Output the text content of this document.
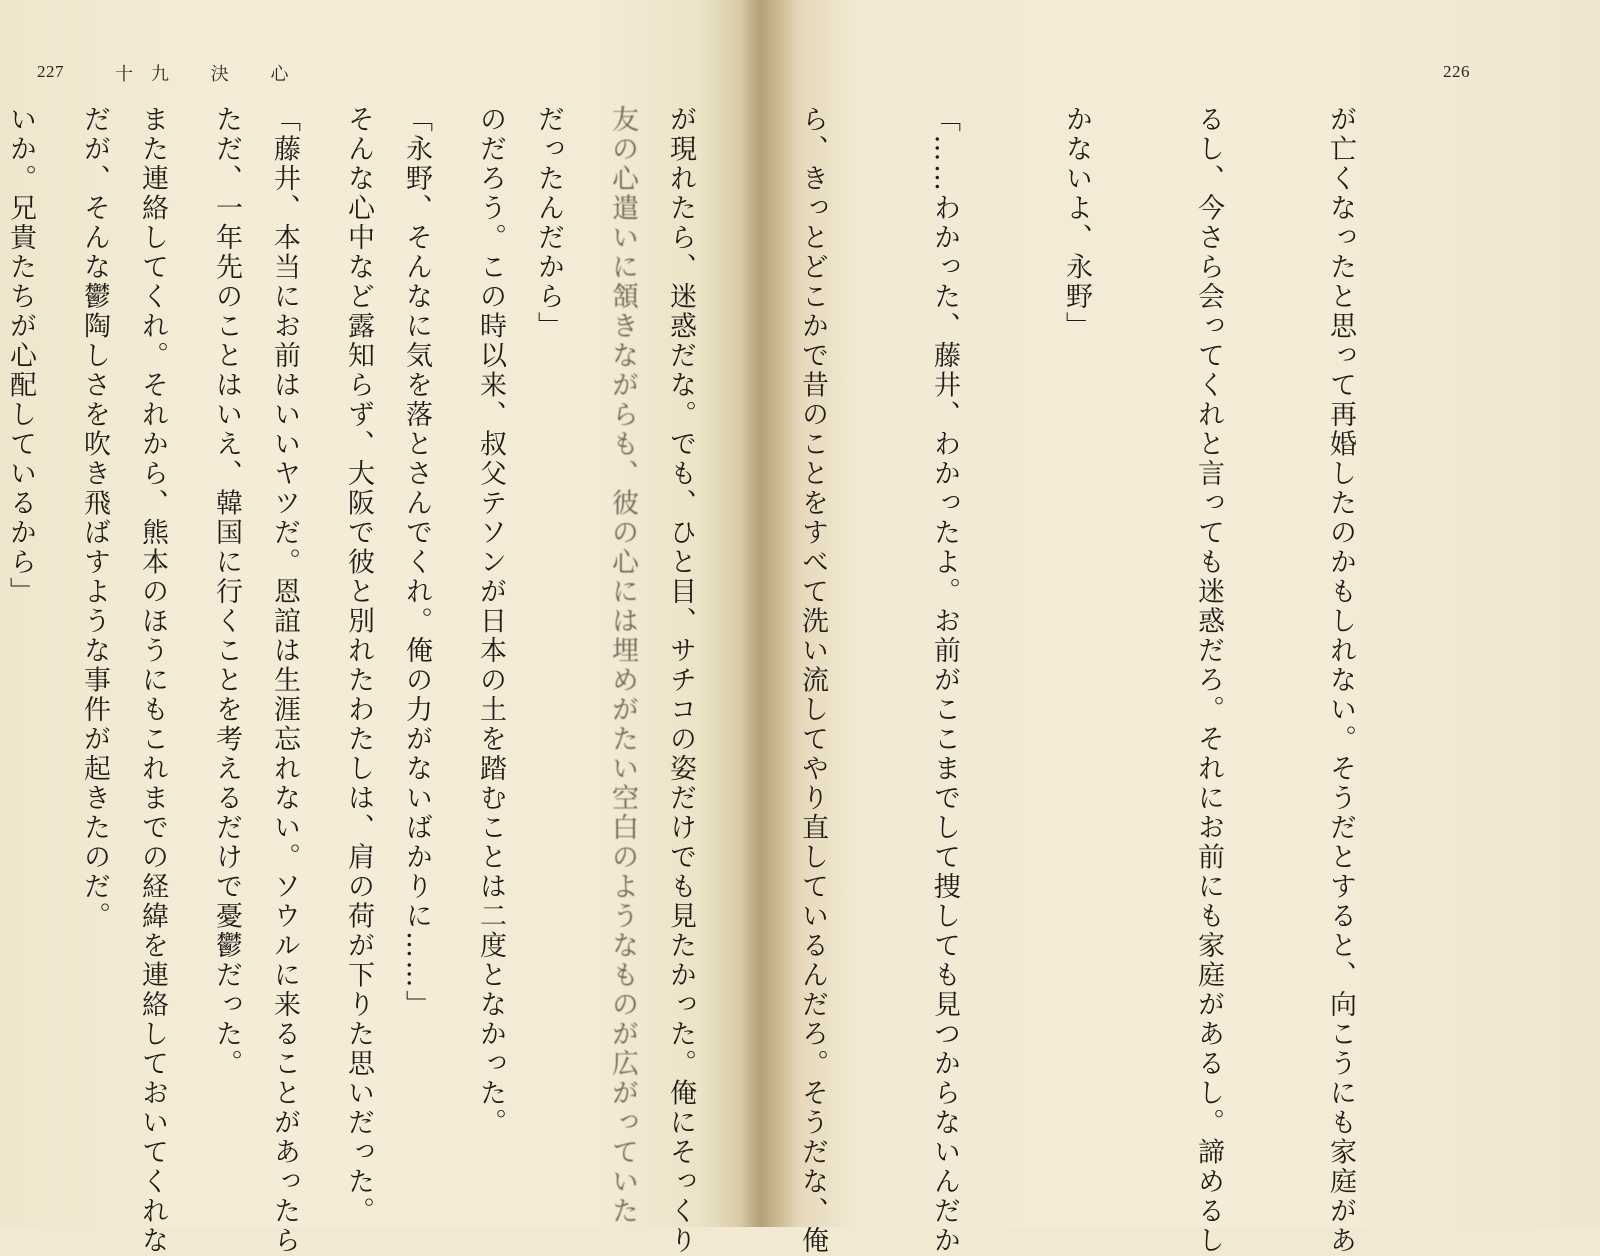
227	十九 決 心

友の心遣いに頷きながらも、彼の心には埋めがたい空白のようなものが広がっていた

のだろう。この時以来、叔父テソンが日本の土を踏むことは二度となかった。

そんな心中など露知らず、大阪で彼と別れたわたしは、肩の荷が下りた思いだった。

ただ、一年先のことはいえ、韓国に行くことを考えるだけで憂鬱だった。

だが、そんな鬱陶しさを吹き飛ばすような事件が起きたのだ。

226

が亡くなったと思って再婚したのかもしれない。そうだとすると、向こうにも家庭があ

るし、今さら会ってくれと言っても迷惑だろ。それにお前にも家庭があるし。諦めるし

かないよ、永野」

「……わかった、藤井、わかったよ。お前がここまでして捜しても見つからないんだか

ら、きっとどこかで昔のことをすべて洗い流してやり直しているんだろ。そうだな、俺

が現れたら、迷惑だな。でも、ひと目、サチコの姿だけでも見たかった。俺にそっくり

だったんだから」

「永野、そんなに気を落とさんでくれ。俺の力がないばかりに……」

「藤井、本当にお前はいいヤツだ。恩誼は生涯忘れない。ソウルに来ることがあったら

また連絡してくれ。それから、熊本のほうにもこれまでの経緯を連絡しておいてくれな

いか。兄貴たちが心配しているから」
